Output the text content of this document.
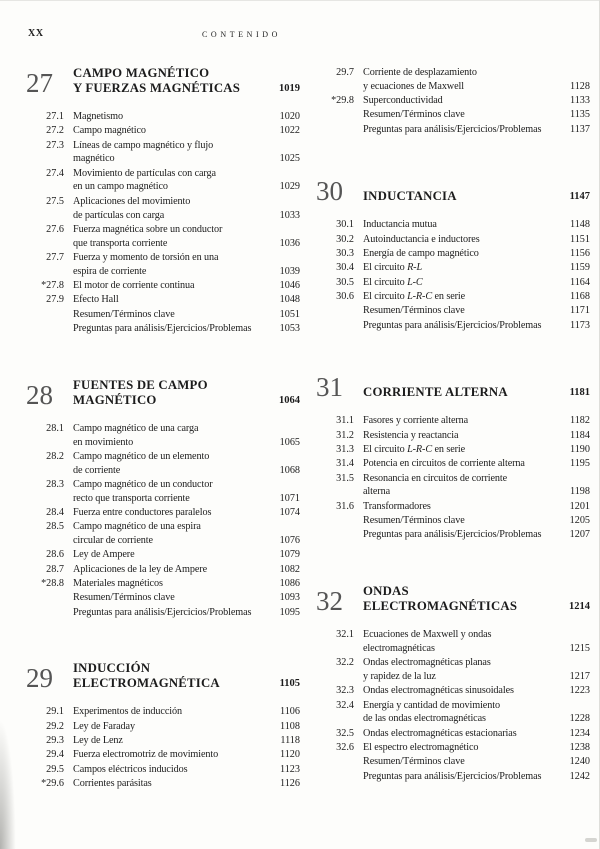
XX	CONTENIDO
27	CAMPO MAGNÉTICO
Y FUERZAS MAGNÉTICAS	1019
27.1 Magnetismo	1020
27.2 Campo magnético	1022
27.3 Líneas de campo magnético y flujo
magnético	1025
27.4 Movimiento de partículas con carga
en un campo magnético	1029
27.5 Aplicaciones del movimiento
de partículas con carga	1033
27.6 Fuerza magnética sobre un conductor
que transporta corriente	1036
27.7 Fuerza y momento de torsión en una
espira de corriente	1039
*27.8 El motor de corriente continua	1046
27.9 Efecto Hall	1048
Resumen/Términos clave	1051
Preguntas para análisis/Ejercicios/Problemas	1053
28	FUENTES DE CAMPO
MAGNÉTICO	1064
28.1 Campo magnético de una carga
en movimiento	1065
28.2 Campo magnético de un elemento
de corriente	1068
28.3 Campo magnético de un conductor
recto que transporta corriente	1071
28.4 Fuerza entre conductores paralelos	1074
28.5 Campo magnético de una espira
circular de corriente	1076
28.6 Ley de Ampere	1079
28.7 Aplicaciones de la ley de Ampere	1082
*28.8 Materiales magnéticos	1086
Resumen/Términos clave	1093
Preguntas para análisis/Ejercicios/Problemas	1095
29	INDUCCIÓN
ELECTROMAGNÉTICA	1105
29.1 Experimentos de inducción	1106
29.2 Ley de Faraday	1108
29.3 Ley de Lenz	1118
29.4 Fuerza electromotriz de movimiento	1120
29.5 Campos eléctricos inducidos	1123
*29.6 Corrientes parásitas	1126
29.7 Corriente de desplazamiento
y ecuaciones de Maxwell	1128
*29.8 Superconductividad	1133
Resumen/Términos clave	1135
Preguntas para análisis/Ejercicios/Problemas	1137
30	INDUCTANCIA	1147
30.1 Inductancia mutua	1148
30.2 Autoinductancia e inductores	1151
30.3 Energía de campo magnético	1156
30.4 El circuito R-L	1159
30.5 El circuito L-C	1164
30.6 El circuito L-R-C en serie	1168
Resumen/Términos clave	1171
Preguntas para análisis/Ejercicios/Problemas	1173
31	CORRIENTE ALTERNA	1181
31.1 Fasores y corriente alterna	1182
31.2 Resistencia y reactancia	1184
31.3 El circuito L-R-C en serie	1190
31.4 Potencia en circuitos de corriente alterna	1195
31.5 Resonancia en circuitos de corriente
alterna	1198
31.6 Transformadores	1201
Resumen/Términos clave	1205
Preguntas para análisis/Ejercicios/Problemas	1207
32	ONDAS
ELECTROMAGNÉTICAS	1214
32.1 Ecuaciones de Maxwell y ondas
electromagnéticas	1215
32.2 Ondas electromagnéticas planas
y rapidez de la luz	1217
32.3 Ondas electromagnéticas sinusoidales	1223
32.4 Energía y cantidad de movimiento
de las ondas electromagnéticas	1228
32.5 Ondas electromagnéticas estacionarias	1234
32.6 El espectro electromagnético	1238
Resumen/Términos clave	1240
Preguntas para análisis/Ejercicios/Problemas	1242
